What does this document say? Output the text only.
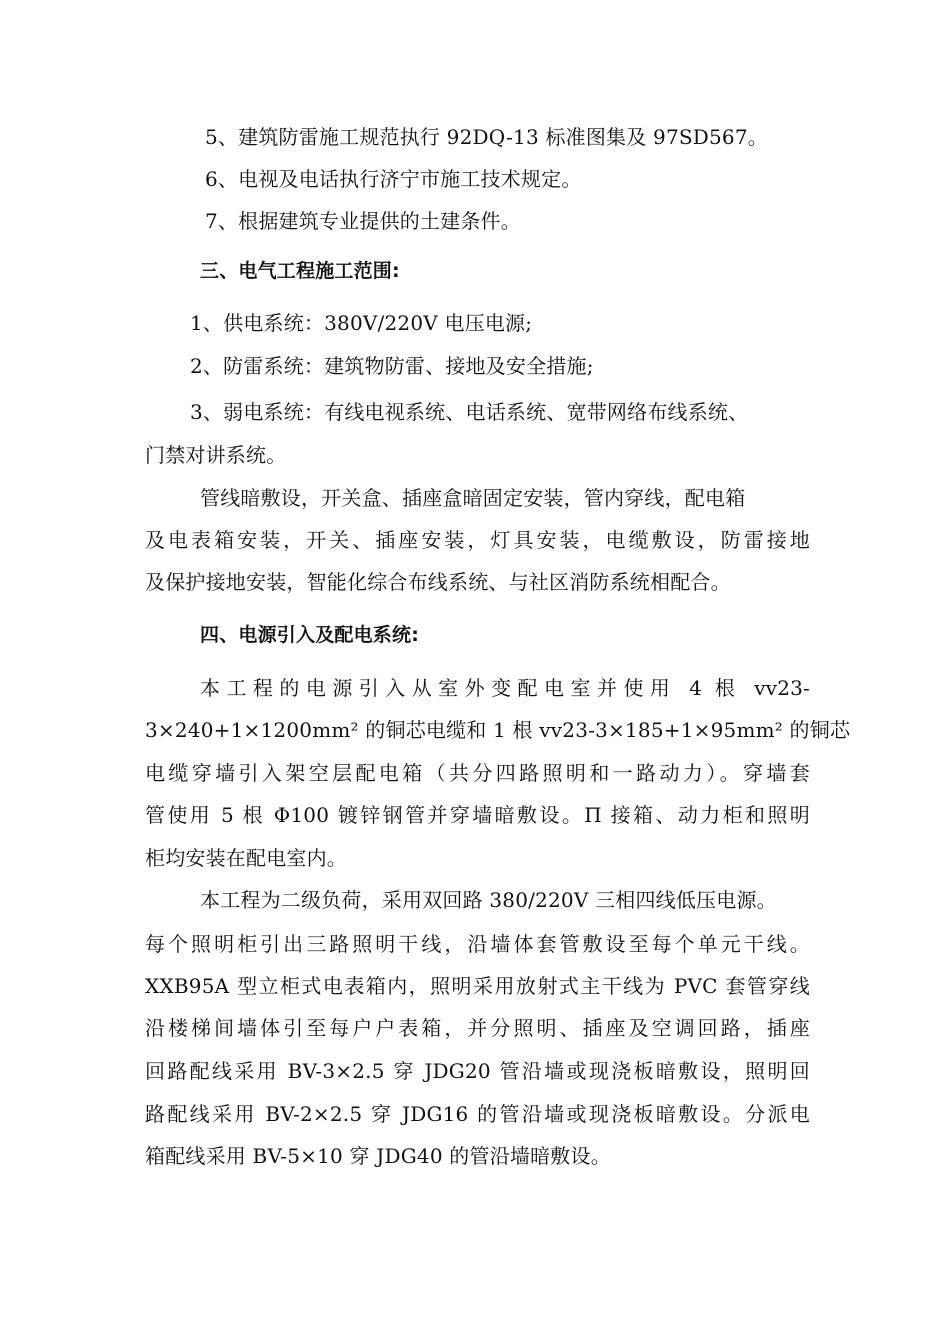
5、建筑防雷施工规范执行 92DQ-13 标准图集及 97SD567。
6、电视及电话执行济宁市施工技术规定。
7、根据建筑专业提供的土建条件。
三、电气工程施工范围:
1、供电系统：380V/220V 电压电源;
2、防雷系统：建筑物防雷、接地及安全措施;
3、弱电系统：有线电视系统、电话系统、宽带网络布线系统、
门禁对讲系统。
管线暗敷设，开关盒、插座盒暗固定安装，管内穿线，配电箱
及电表箱安装，开关、插座安装，灯具安装，电缆敷设，防雷接地
及保护接地安装，智能化综合布线系统、与社区消防系统相配合。
四、电源引入及配电系统:
本工程的电源引入从室外变配电室并使用 4 根 vv23-
3×240+1×1200mm² 的铜芯电缆和 1 根 vv23-3×185+1×95mm² 的铜芯
电缆穿墙引入架空层配电箱（共分四路照明和一路动力）。穿墙套
管使用 5 根 Φ100 镀锌钢管并穿墙暗敷设。Π 接箱、动力柜和照明
柜均安装在配电室内。
本工程为二级负荷，采用双回路 380/220V 三相四线低压电源。
每个照明柜引出三路照明干线，沿墙体套管敷设至每个单元干线。
XXB95A 型立柜式电表箱内，照明采用放射式主干线为 PVC 套管穿线
沿楼梯间墙体引至每户户表箱，并分照明、插座及空调回路，插座
回路配线采用 BV-3×2.5 穿 JDG20 管沿墙或现浇板暗敷设，照明回
路配线采用 BV-2×2.5 穿 JDG16 的管沿墙或现浇板暗敷设。分派电
箱配线采用 BV-5×10 穿 JDG40 的管沿墙暗敷设。
